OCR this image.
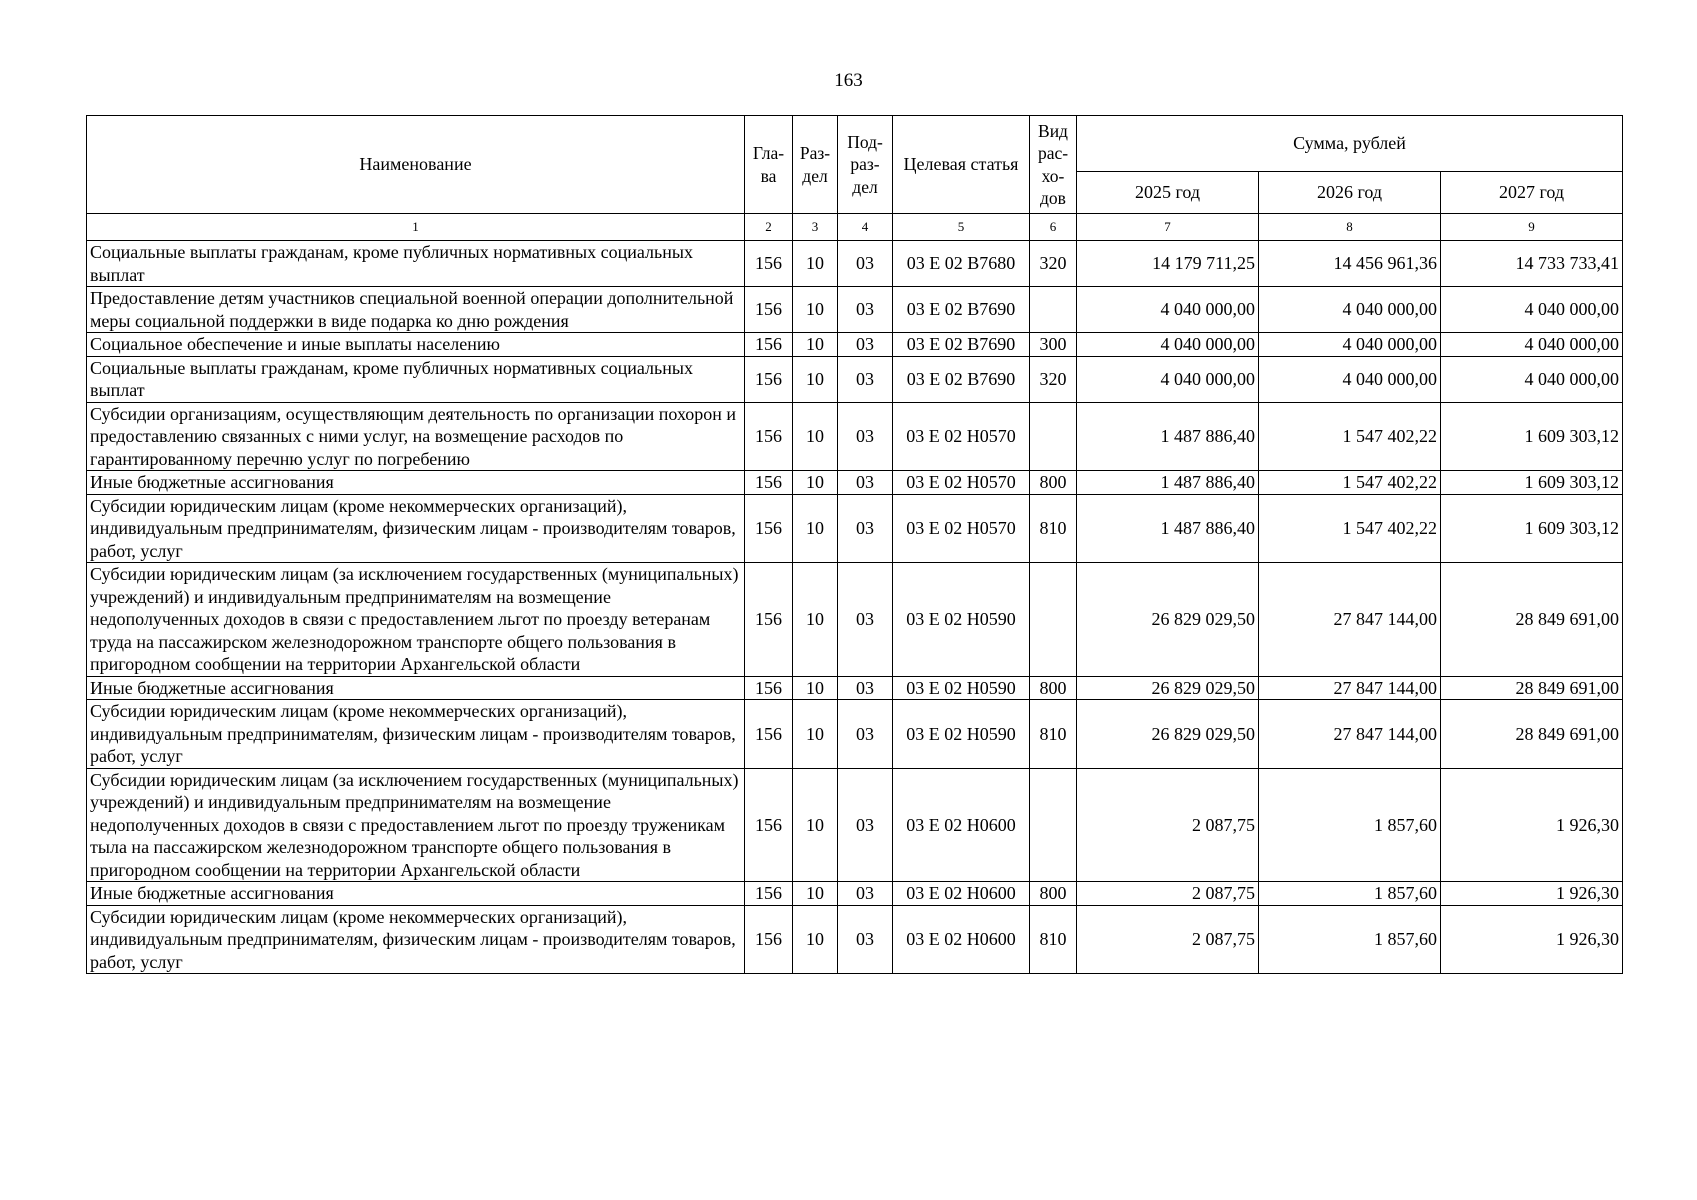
163
Наименование	Гла-ва	Раз-дел	Под-раз-дел	Целевая статья	Вид рас-хо-дов	Сумма, рублей		
						2025 год	2026 год	2027 год
1	2	3	4	5	6	7	8	9
Социальные выплаты гражданам, кроме публичных нормативных социальных выплат	156	10	03	03 Е 02 В7680	320	14 179 711,25	14 456 961,36	14 733 733,41
Предоставление детям участников специальной военной операции дополнительной меры социальной поддержки в виде подарка ко дню рождения	156	10	03	03 Е 02 В7690		4 040 000,00	4 040 000,00	4 040 000,00
Социальное обеспечение и иные выплаты населению	156	10	03	03 Е 02 В7690	300	4 040 000,00	4 040 000,00	4 040 000,00
Социальные выплаты гражданам, кроме публичных нормативных социальных выплат	156	10	03	03 Е 02 В7690	320	4 040 000,00	4 040 000,00	4 040 000,00
Субсидии организациям, осуществляющим деятельность по организации похорон и предоставлению связанных с ними услуг, на возмещение расходов по гарантированному перечню услуг по погребению	156	10	03	03 Е 02 Н0570		1 487 886,40	1 547 402,22	1 609 303,12
Иные бюджетные ассигнования	156	10	03	03 Е 02 Н0570	800	1 487 886,40	1 547 402,22	1 609 303,12
Субсидии юридическим лицам (кроме некоммерческих организаций), индивидуальным предпринимателям, физическим лицам - производителям товаров, работ, услуг	156	10	03	03 Е 02 Н0570	810	1 487 886,40	1 547 402,22	1 609 303,12
Субсидии юридическим лицам (за исключением государственных (муниципальных) учреждений) и индивидуальным предпринимателям на возмещение недополученных доходов в связи с предоставлением льгот по проезду ветеранам труда на пассажирском железнодорожном транспорте общего пользования в пригородном сообщении на территории Архангельской области	156	10	03	03 Е 02 Н0590		26 829 029,50	27 847 144,00	28 849 691,00
Иные бюджетные ассигнования	156	10	03	03 Е 02 Н0590	800	26 829 029,50	27 847 144,00	28 849 691,00
Субсидии юридическим лицам (кроме некоммерческих организаций), индивидуальным предпринимателям, физическим лицам - производителям товаров, работ, услуг	156	10	03	03 Е 02 Н0590	810	26 829 029,50	27 847 144,00	28 849 691,00
Субсидии юридическим лицам (за исключением государственных (муниципальных) учреждений) и индивидуальным предпринимателям на возмещение недополученных доходов в связи с предоставлением льгот по проезду труженикам тыла на пассажирском железнодорожном транспорте общего пользования в пригородном сообщении на территории Архангельской области	156	10	03	03 Е 02 Н0600		2 087,75	1 857,60	1 926,30
Иные бюджетные ассигнования	156	10	03	03 Е 02 Н0600	800	2 087,75	1 857,60	1 926,30
Субсидии юридическим лицам (кроме некоммерческих организаций), индивидуальным предпринимателям, физическим лицам - производителям товаров, работ, услуг	156	10	03	03 Е 02 Н0600	810	2 087,75	1 857,60	1 926,30
